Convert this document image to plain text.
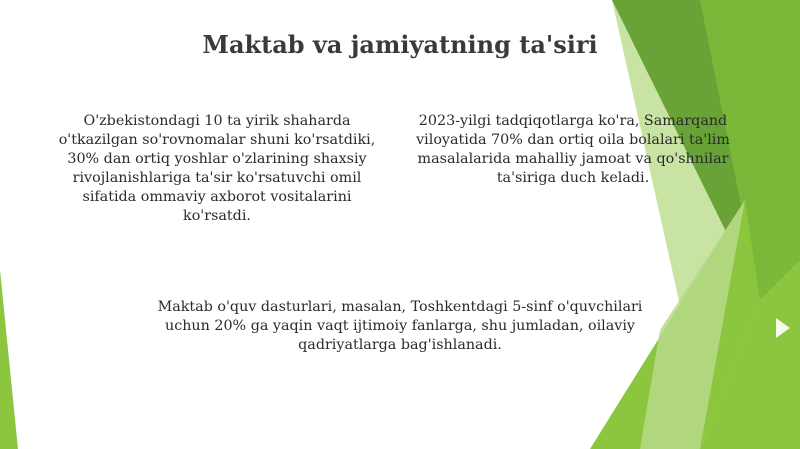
Maktab va jamiyatning ta'siri
O'zbekistondagi 10 ta yirik shaharda o'tkazilgan so'rovnomalar shuni ko'rsatdiki, 30% dan ortiq yoshlar o'zlarining shaxsiy rivojlanishlariga ta'sir ko'rsatuvchi omil sifatida ommaviy axborot vositalarini ko'rsatdi.
2023-yilgi tadqiqotlarga ko'ra, Samarqand viloyatida 70% dan ortiq oila bolalari ta'lim masalalarida mahalliy jamoat va qo'shnilar ta'siriga duch keladi.
Maktab o'quv dasturlari, masalan, Toshkentdagi 5-sinf o'quvchilari uchun 20% ga yaqin vaqt ijtimoiy fanlarga, shu jumladan, oilaviy qadriyatlarga bag'ishlanadi.
